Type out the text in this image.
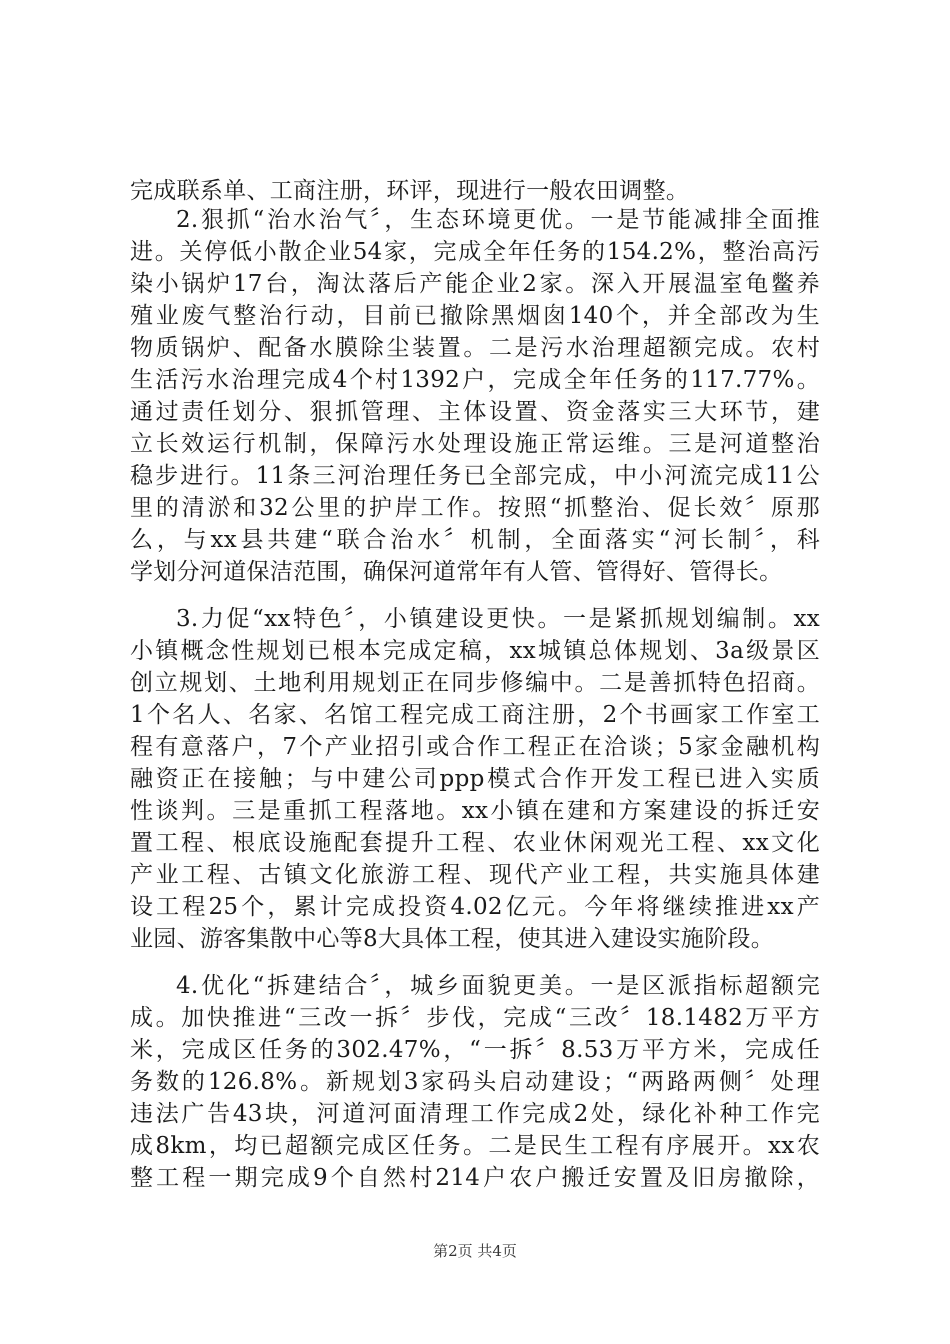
完成联系单、工商注册，环评，现进行一般农田调整。
2.狠抓“治水治气〞，生态环境更优。一是节能减排全面推
进。关停低小散企业54家，完成全年任务的154.2%，整治高污
染小锅炉17台，淘汰落后产能企业2家。深入开展温室龟鳖养
殖业废气整治行动，目前已撤除黑烟囱140个，并全部改为生
物质锅炉、配备水膜除尘装置。二是污水治理超额完成。农村
生活污水治理完成4个村1392户，完成全年任务的117.77%。
通过责任划分、狠抓管理、主体设置、资金落实三大环节，建
立长效运行机制，保障污水处理设施正常运维。三是河道整治
稳步进行。11条三河治理任务已全部完成，中小河流完成11公
里的清淤和32公里的护岸工作。按照“抓整治、促长效〞原那
么，与xx县共建“联合治水〞机制，全面落实“河长制〞，科
学划分河道保洁范围，确保河道常年有人管、管得好、管得长。
3.力促“xx特色〞，小镇建设更快。一是紧抓规划编制。xx
小镇概念性规划已根本完成定稿，xx城镇总体规划、3a级景区
创立规划、土地利用规划正在同步修编中。二是善抓特色招商。
1个名人、名家、名馆工程完成工商注册，2个书画家工作室工
程有意落户，7个产业招引或合作工程正在洽谈；5家金融机构
融资正在接触；与中建公司ppp模式合作开发工程已进入实质
性谈判。三是重抓工程落地。xx小镇在建和方案建设的拆迁安
置工程、根底设施配套提升工程、农业休闲观光工程、xx文化
产业工程、古镇文化旅游工程、现代产业工程，共实施具体建
设工程25个，累计完成投资4.02亿元。今年将继续推进xx产
业园、游客集散中心等8大具体工程，使其进入建设实施阶段。
4.优化“拆建结合〞，城乡面貌更美。一是区派指标超额完
成。加快推进“三改一拆〞步伐，完成“三改〞18.1482万平方
米，完成区任务的302.47%，“一拆〞8.53万平方米，完成任
务数的126.8%。新规划3家码头启动建设；“两路两侧〞处理
违法广告43块，河道河面清理工作完成2处，绿化补种工作完
成8km，均已超额完成区任务。二是民生工程有序展开。xx农
整工程一期完成9个自然村214户农户搬迁安置及旧房撤除，
第2页 共4页
